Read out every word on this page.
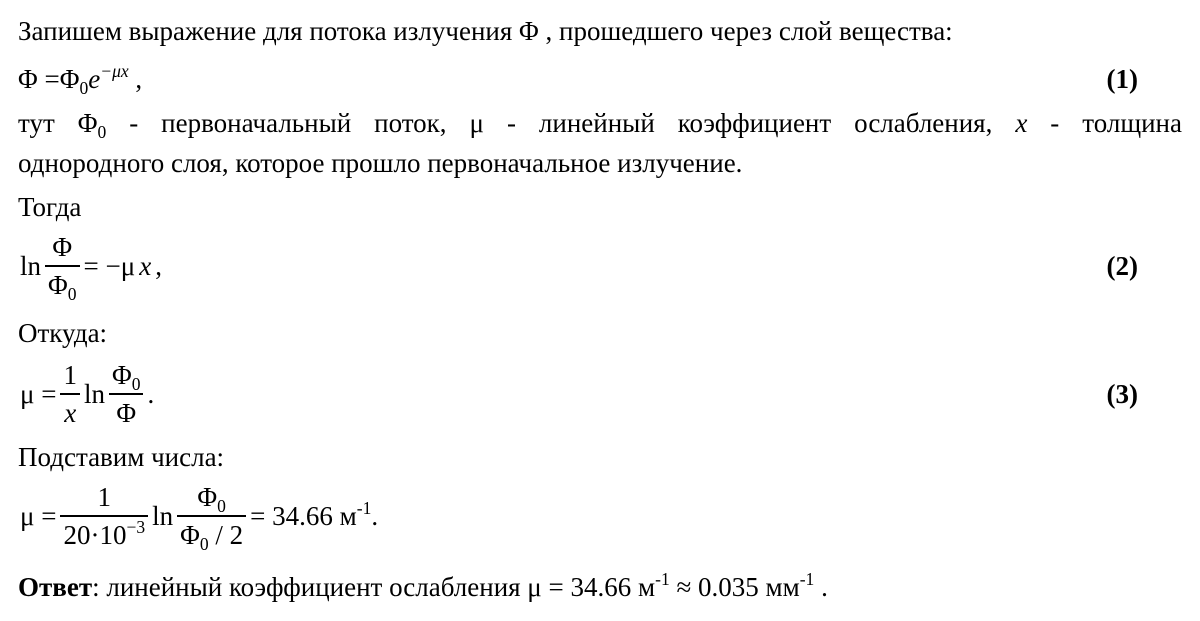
Запишем выражение для потока излучения Φ , прошедшего через слой вещества:
$\Phi =\Phi_0e^{-\mu x}$ ,	(1)
тут $\Phi_0$ - первоначальный поток, μ - линейный коэффициент ослабления, x - толщина
однородного слоя, которое прошло первоначальное излучение.
Тогда
$\ln \frac{\Phi}{\Phi_0} = -\mu$ x ,	(2)
Откуда:
$\mu = \frac{1}{x}$ $\ln \frac{\Phi_0}{\Phi}$ .	(3)
Подставим числа:
$\mu = \frac{1}{20\cdot 10^{-3}}$ $\ln \frac{\Phi_0}{\Phi_0 / 2} = 34.66$ $м^{-1}$.
Ответ: линейный коэффициент ослабления μ = 34.66 $м^{-1} \approx 0.035$ $мм^{-1}$ .
